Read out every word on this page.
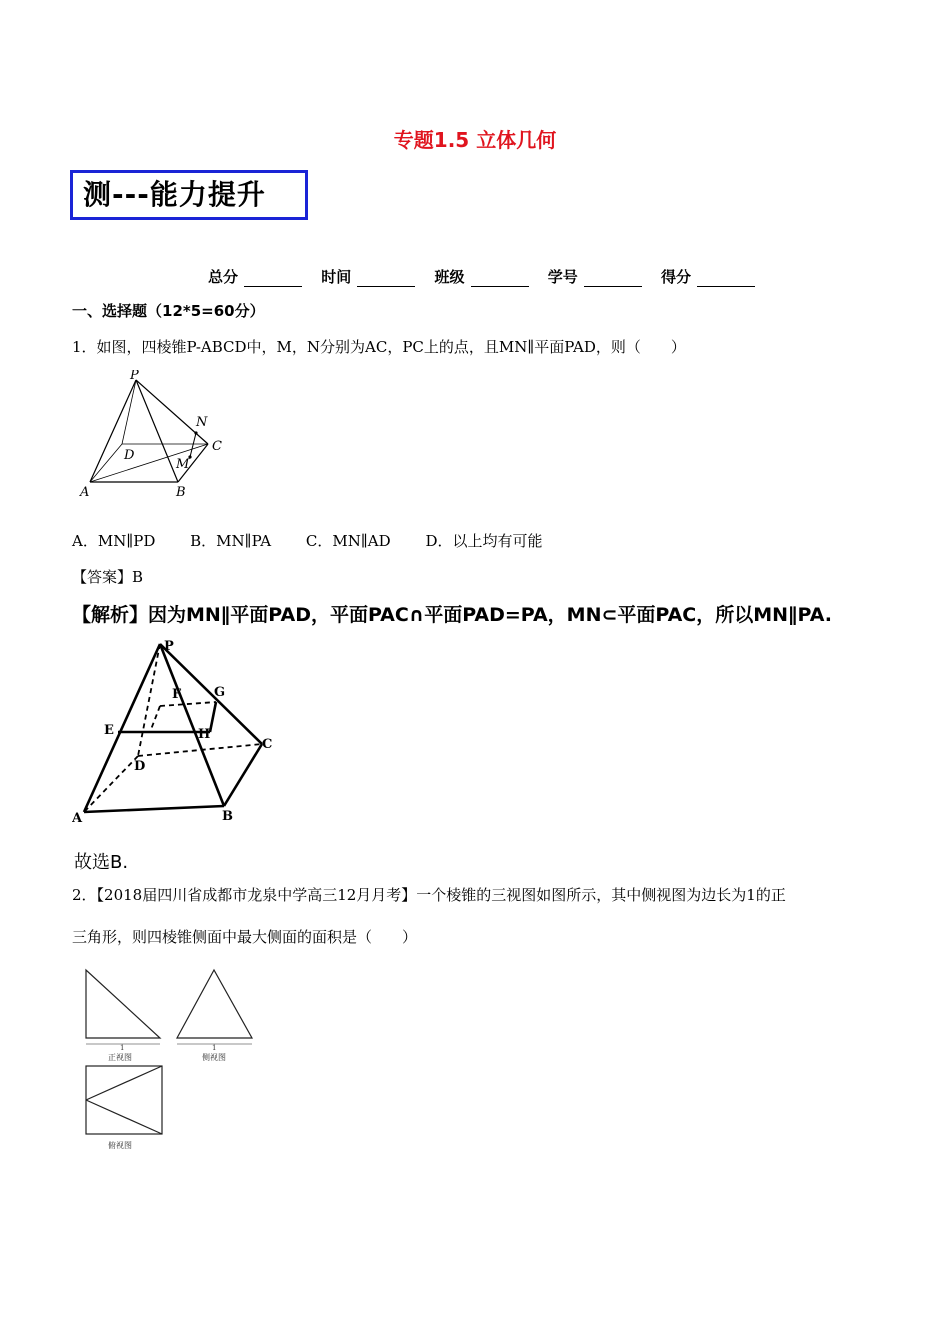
专题1.5 立体几何
测---能力提升
总分	时间	班级	学号	得分
一、选择题（12*5=60分）
1．如图，四棱锥P-ABCD中，M，N分别为AC，PC上的点，且MN∥平面PAD，则（　　）
P
N
C
D
M
A	B
A．MN∥PD B．MN∥PA C．MN∥AD D．以上均有可能
【答案】B
【解析】因为MN∥平面PAD，平面PAC∩平面PAD=PA，MN⊂平面PAC，所以MN∥PA.
P
G
F
E	H
C
D
A	B
故选B.
2．【2018届四川省成都市龙泉中学高三12月月考】一个棱锥的三视图如图所示，其中侧视图为边长为1的正
三角形，则四棱锥侧面中最大侧面的面积是（　　）
1	1
正视图	侧视图
俯视图
